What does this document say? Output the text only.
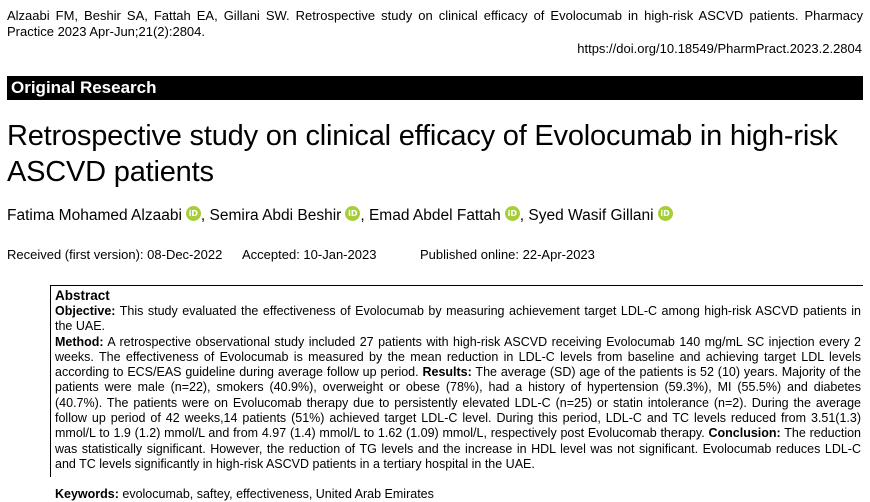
Alzaabi FM, Beshir SA, Fattah EA, Gillani SW. Retrospective study on clinical efficacy of Evolocumab in high-risk ASCVD patients. Pharmacy Practice 2023 Apr-Jun;21(2):2804.
https://doi.org/10.18549/PharmPract.2023.2.2804
Original Research
Retrospective study on clinical efficacy of Evolocumab in high-risk ASCVD patients
Fatima Mohamed Alzaabi iD , Semira Abdi Beshir iD , Emad Abdel Fattah iD , Syed Wasif Gillani iD
Received (first version): 08-Dec-2022 Accepted: 10-Jan-2023	Published online: 22-Apr-2023
Abstract
Objective: This study evaluated the effectiveness of Evolocumab by measuring achievement target LDL-C among high-risk ASCVD patients in the UAE.
Method: A retrospective observational study included 27 patients with high-risk ASCVD receiving Evolocumab 140 mg/mL SC injection every 2 weeks. The effectiveness of Evolocumab is measured by the mean reduction in LDL-C levels from baseline and achieving target LDL levels according to ECS/EAS guideline during average follow up period. Results: The average (SD) age of the patients is 52 (10) years. Majority of the patients were male (n=22), smokers (40.9%), overweight or obese (78%), had a history of hypertension (59.3%), MI (55.5%) and diabetes (40.7%). The patients were on Evolucomab therapy due to persistently elevated LDL-C (n=25) or statin intolerance (n=2). During the average follow up period of 42 weeks,14 patients (51%) achieved target LDL-C level. During this period, LDL-C and TC levels reduced from 3.51(1.3) mmol/L to 1.9 (1.2) mmol/L and from 4.97 (1.4) mmol/L to 1.62 (1.09) mmol/L, respectively post Evolucomab therapy. Conclusion: The reduction was statistically significant. However, the reduction of TG levels and the increase in HDL level was not significant. Evolocumab reduces LDL-C and TC levels significantly in high-risk ASCVD patients in a tertiary hospital in the UAE.
Keywords: evolocumab, saftey, effectiveness, United Arab Emirates
